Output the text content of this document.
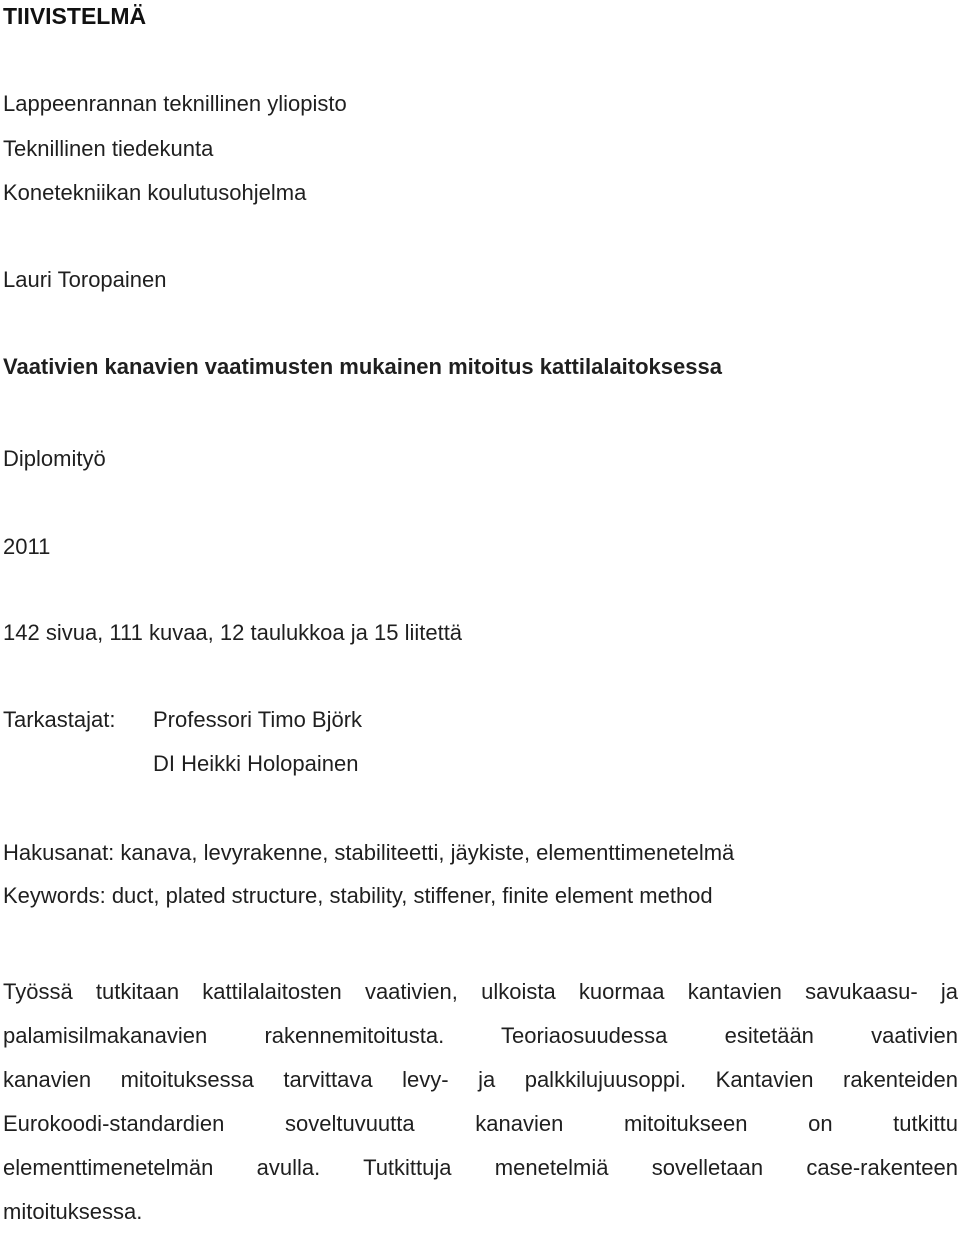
TIIVISTELMÄ

Lappeenrannan teknillinen yliopisto

Teknillinen tiedekunta

Konetekniikan koulutusohjelma

Lauri Toropainen

Vaativien kanavien vaatimusten mukainen mitoitus kattilalaitoksessa

Diplomityö

2011

142 sivua, 111 kuvaa, 12 taulukkoa ja 15 liitettä

Tarkastajat: Professori Timo Björk
DI Heikki Holopainen

Hakusanat: kanava, levyrakenne, stabiliteetti, jäykiste, elementtimenetelmä

Keywords: duct, plated structure, stability, stiffener, finite element method

Työssä tutkitaan kattilalaitosten vaativien, ulkoista kuormaa kantavien savukaasu- ja
palamisilmakanavien rakennemitoitusta. Teoriaosuudessa esitetään vaativien
kanavien mitoituksessa tarvittava levy- ja palkkilujuusoppi. Kantavien rakenteiden
Eurokoodi-standardien soveltuvuutta kanavien mitoitukseen on tutkittu
elementtimenetelmän avulla. Tutkittuja menetelmiä sovelletaan case-rakenteen
mitoituksessa.
